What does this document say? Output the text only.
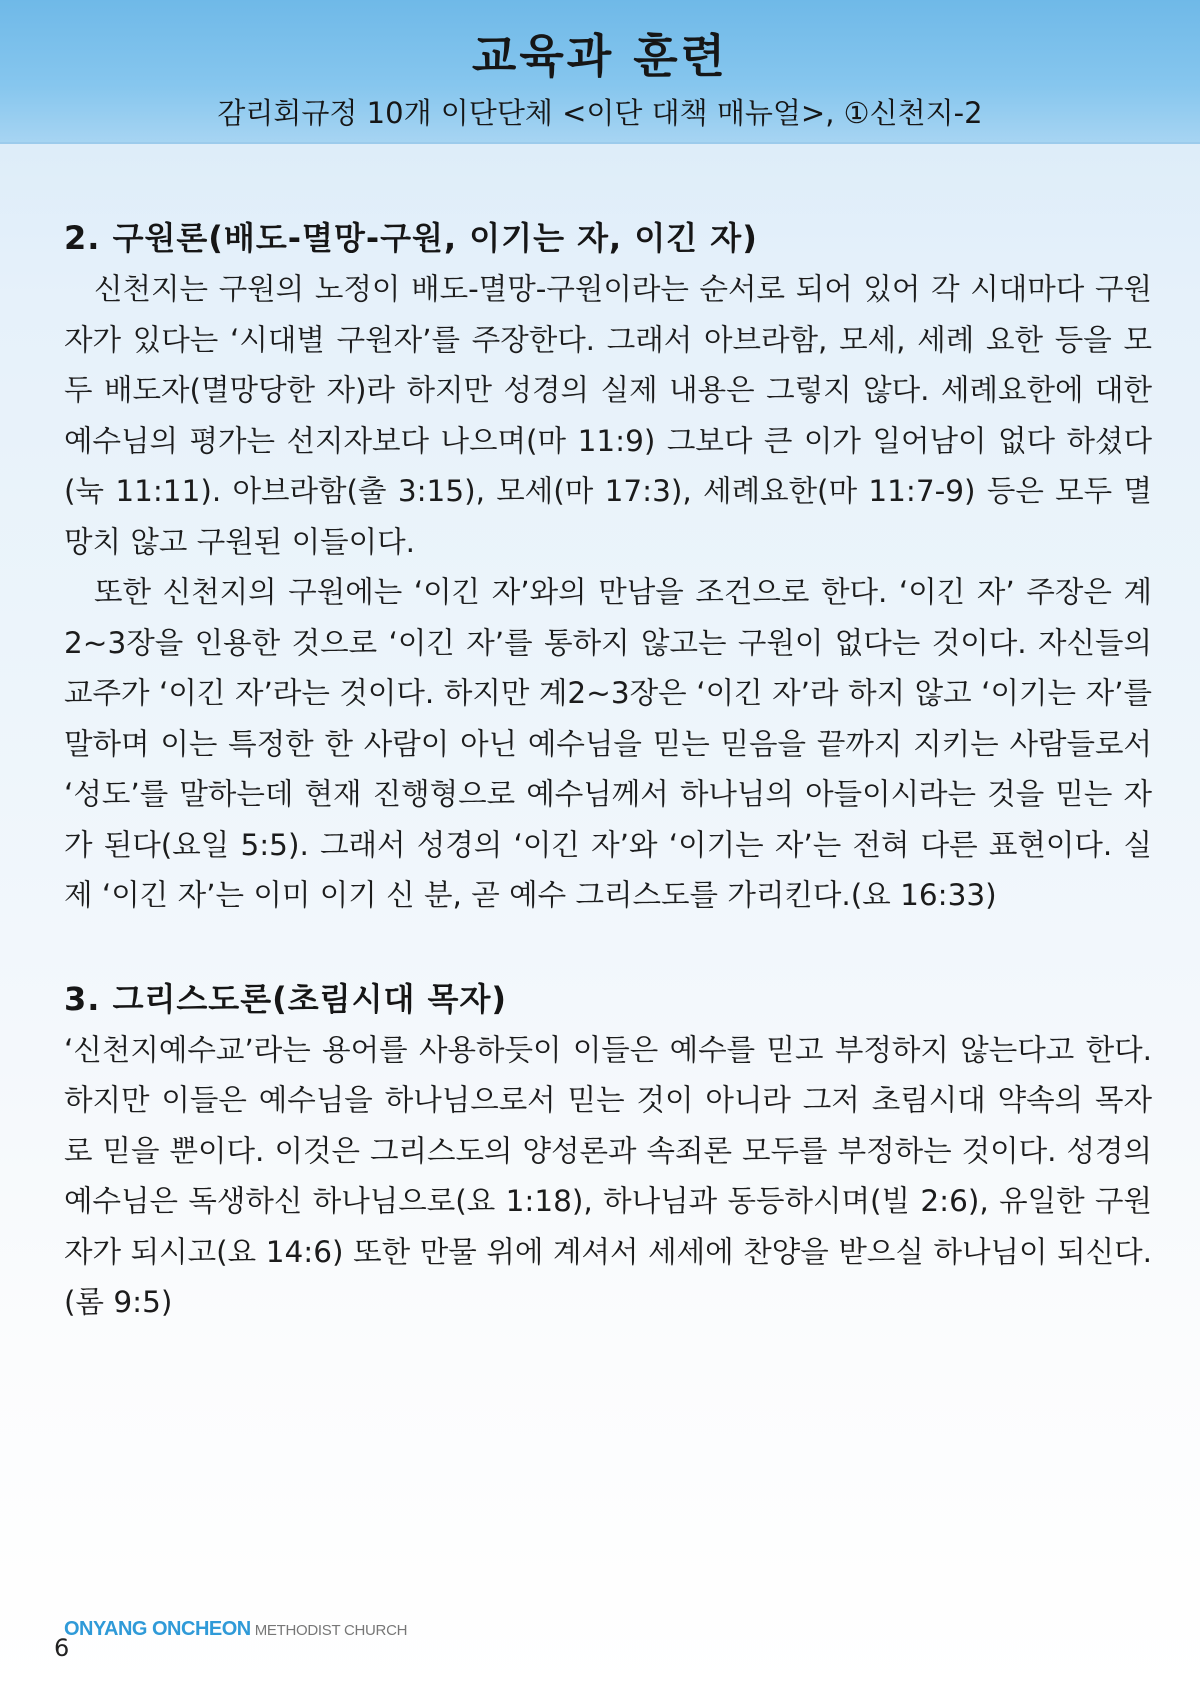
교육과 훈련
감리회규정 10개 이단단체 <이단 대책 매뉴얼>, ①신천지-2
2. 구원론(배도-멸망-구원, 이기는 자, 이긴 자)

신천지는 구원의 노정이 배도-멸망-구원이라는 순서로 되어 있어 각 시대마다 구원자가 있다는 ‘시대별 구원자’를 주장한다. 그래서 아브라함, 모세, 세례 요한 등을 모두 배도자(멸망당한 자)라 하지만 성경의 실제 내용은 그렇지 않다. 세례요한에 대한 예수님의 평가는 선지자보다 나으며(마 11:9) 그보다 큰 이가 일어남이 없다 하셨다(눅 11:11). 아브라함(출 3:15), 모세(마 17:3), 세례요한(마 11:7-9) 등은 모두 멸망치 않고 구원된 이들이다.

또한 신천지의 구원에는 ‘이긴 자’와의 만남을 조건으로 한다. ‘이긴 자’ 주장은 계2~3장을 인용한 것으로 ‘이긴 자’를 통하지 않고는 구원이 없다는 것이다. 자신들의 교주가 ‘이긴 자’라는 것이다. 하지만 계2~3장은 ‘이긴 자’라 하지 않고 ‘이기는 자’를 말하며 이는 특정한 한 사람이 아닌 예수님을 믿는 믿음을 끝까지 지키는 사람들로서 ‘성도’를 말하는데 현재 진행형으로 예수님께서 하나님의 아들이시라는 것을 믿는 자가 된다(요일 5:5). 그래서 성경의 ‘이긴 자’와 ‘이기는 자’는 전혀 다른 표현이다. 실제 ‘이긴 자’는 이미 이기 신 분, 곧 예수 그리스도를 가리킨다.(요 16:33)

3. 그리스도론(초림시대 목자)

‘신천지예수교’라는 용어를 사용하듯이 이들은 예수를 믿고 부정하지 않는다고 한다. 하지만 이들은 예수님을 하나님으로서 믿는 것이 아니라 그저 초림시대 약속의 목자로 믿을 뿐이다. 이것은 그리스도의 양성론과 속죄론 모두를 부정하는 것이다. 성경의 예수님은 독생하신 하나님으로(요 1:18), 하나님과 동등하시며(빌 2:6), 유일한 구원자가 되시고(요 14:6) 또한 만물 위에 계셔서 세세에 찬양을 받으실 하나님이 되신다.(롬 9:5)

6
ONYANG ONCHEON METHODIST CHURCH
